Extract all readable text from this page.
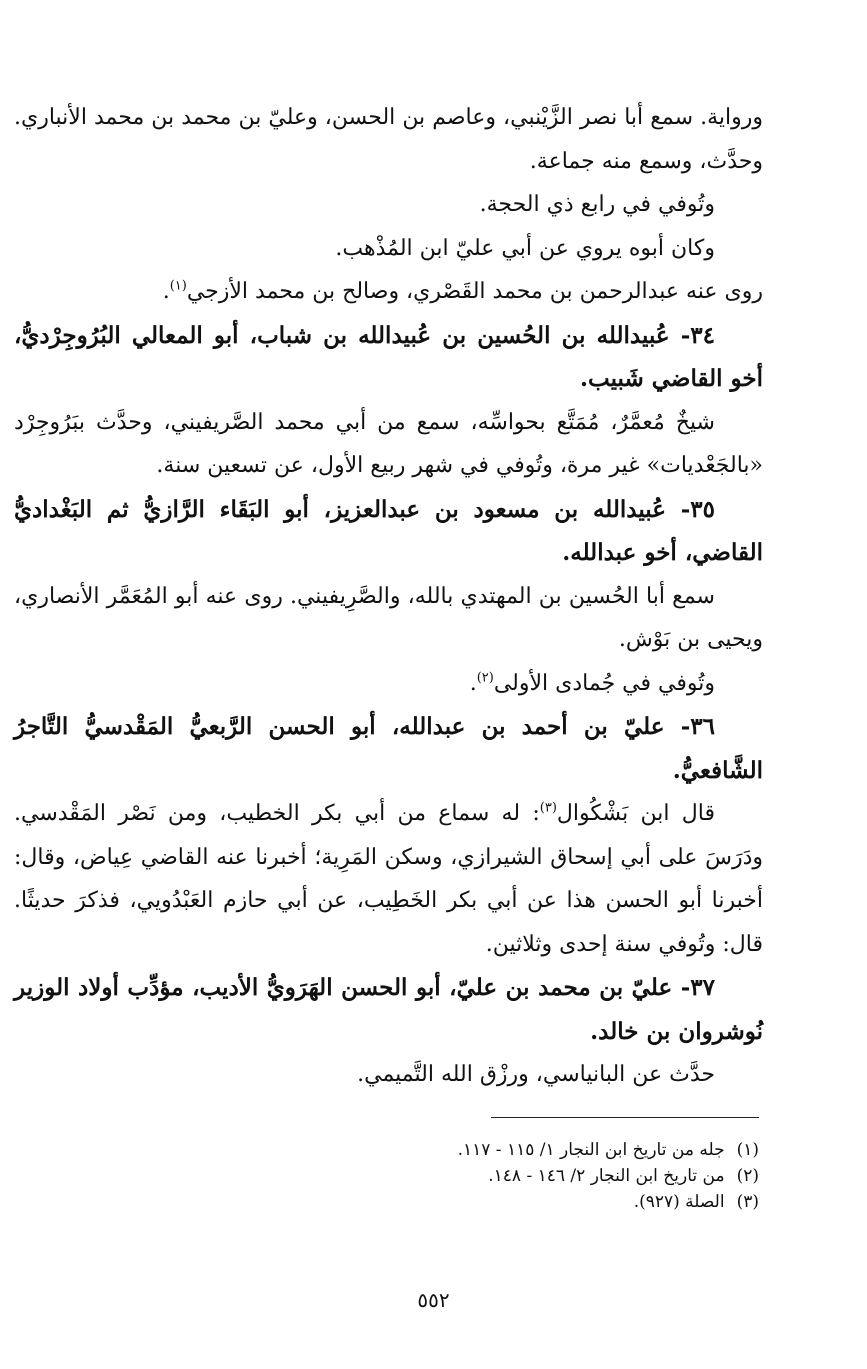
ورواية. سمع أبا نصر الزَّيْنبي، وعاصم بن الحسن، وعليّ بن محمد بن محمد الأنباري. وحدَّث، وسمع منه جماعة.

وتُوفي في رابع ذي الحجة.

وكان أبوه يروي عن أبي عليّ ابن المُذْهب.

روى عنه عبدالرحمن بن محمد القَصْري، وصالح بن محمد الأزجي$^{(١)}$.

٣٤- عُبيدالله بن الحُسين بن عُبيدالله بن شباب، أبو المعالي البُرُوجِرْديُّ، أخو القاضي شَبيب.

شيخٌ مُعمَّرٌ، مُمَتَّع بحواسِّه، سمع من أبي محمد الصَّريفيني، وحدَّث ببَرُوجِرْد «بالجَعْديات» غير مرة، وتُوفي في شهر ربيع الأول، عن تسعين سنة.

٣٥- عُبيدالله بن مسعود بن عبدالعزيز، أبو البَقَاء الرَّازيُّ ثم البَغْداديُّ القاضي، أخو عبدالله.

سمع أبا الحُسين بن المهتدي بالله، والصَّرِيفيني. روى عنه أبو المُعَمَّر الأنصاري، ويحيى بن بَوْش.

وتُوفي في جُمادى الأولى$^{(٢)}$.

٣٦- عليّ بن أحمد بن عبدالله، أبو الحسن الرَّبعيُّ المَقْدسيُّ التَّاجرُ الشَّافعيُّ.

قال ابن بَشْكُوال$^{(٣)}$: له سماع من أبي بكر الخطيب، ومن نَصْر المَقْدسي. ودَرَسَ على أبي إسحاق الشيرازي، وسكن المَرِية؛ أخبرنا عنه القاضي عِياض، وقال: أخبرنا أبو الحسن هذا عن أبي بكر الخَطِيب، عن أبي حازم العَبْدُويي، فذكرَ حديثًا. قال: وتُوفي سنة إحدى وثلاثين.

٣٧- عليّ بن محمد بن عليّ، أبو الحسن الهَرَويُّ الأديب، مؤدِّب أولاد الوزير نُوشروان بن خالد.

حدَّث عن البانياسي، ورزْق الله التَّميمي.

(١)جله من تاريخ ابن النجار ١/ ١١٥ - ١١٧.

(٢)من تاريخ ابن النجار ٢/ ١٤٦ - ١٤٨.

(٣)الصلة (٩٢٧).

٥٥٢
